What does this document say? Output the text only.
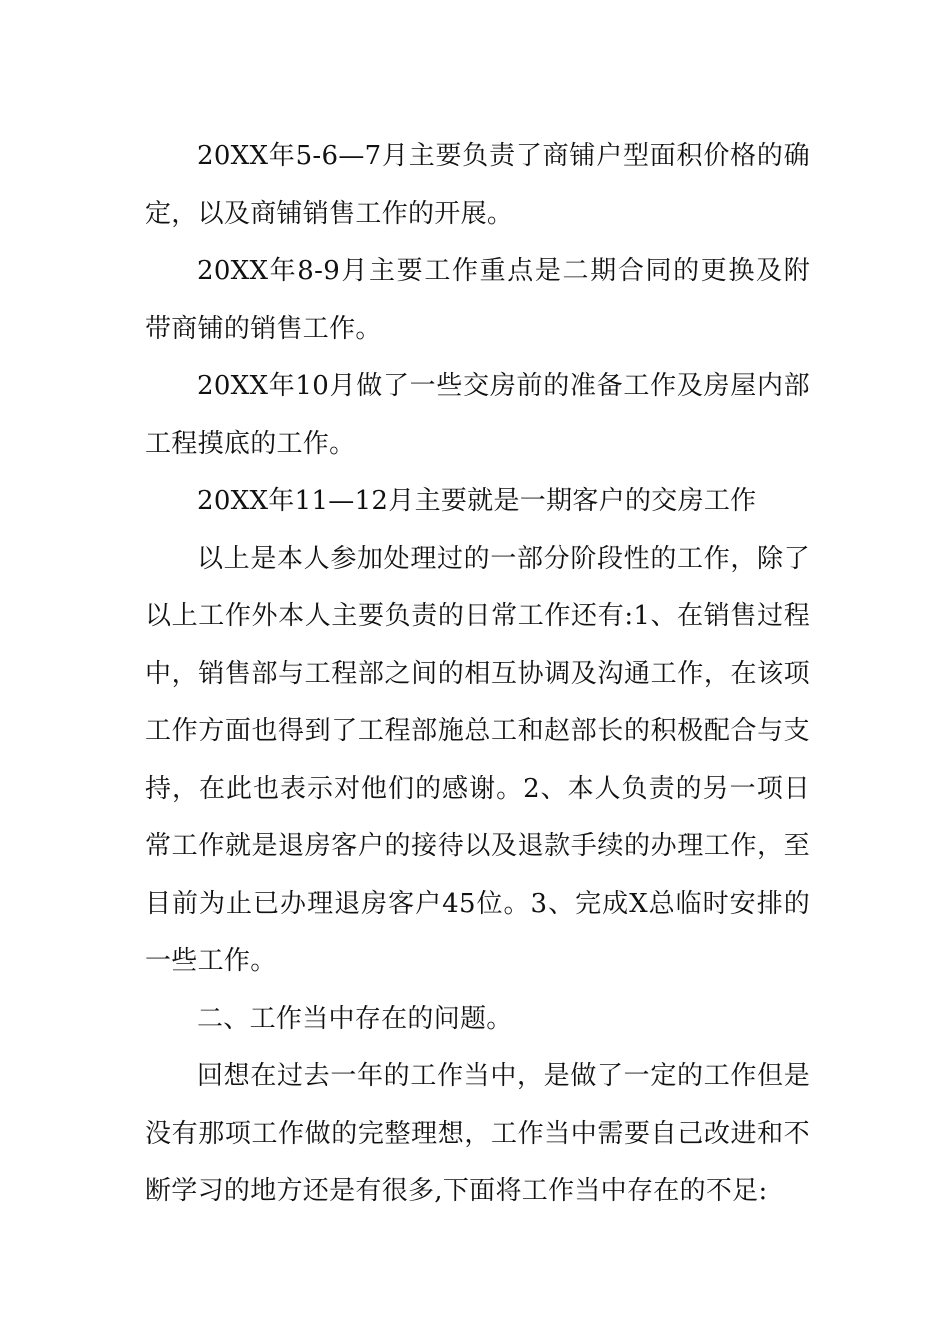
20XX年5-6—7月主要负责了商铺户型面积价格的确定，以及商铺销售工作的开展。

20XX年8-9月主要工作重点是二期合同的更换及附带商铺的销售工作。

20XX年10月做了一些交房前的准备工作及房屋内部工程摸底的工作。

20XX年11—12月主要就是一期客户的交房工作

以上是本人参加处理过的一部分阶段性的工作，除了以上工作外本人主要负责的日常工作还有:1、在销售过程中，销售部与工程部之间的相互协调及沟通工作，在该项工作方面也得到了工程部施总工和赵部长的积极配合与支持，在此也表示对他们的感谢。2、本人负责的另一项日常工作就是退房客户的接待以及退款手续的办理工作，至目前为止已办理退房客户45位。3、完成X总临时安排的一些工作。

二、工作当中存在的问题。

回想在过去一年的工作当中，是做了一定的工作但是没有那项工作做的完整理想，工作当中需要自己改进和不断学习的地方还是有很多,下面将工作当中存在的不足:
